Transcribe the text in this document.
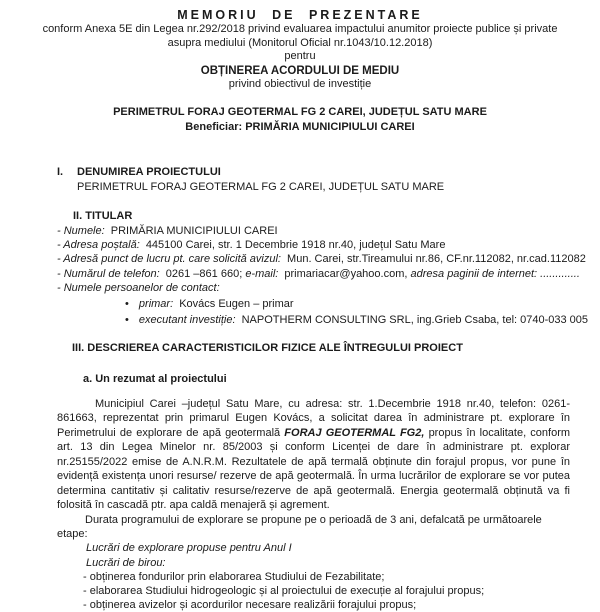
MEMORIU DE PREZENTARE
conform Anexa 5E din Legea nr.292/2018 privind evaluarea impactului anumitor proiecte publice și private
asupra mediului (Monitorul Oficial nr.1043/10.12.2018)
pentru
OBȚINEREA ACORDULUI DE MEDIU
privind obiectivul de investiție
PERIMETRUL FORAJ GEOTERMAL FG 2 CAREI, JUDEȚUL SATU MARE
Beneficiar: PRIMĂRIA MUNICIPIULUI CAREI
I.	DENUMIREA PROIECTULUI
PERIMETRUL FORAJ GEOTERMAL FG 2 CAREI, JUDEȚUL SATU MARE
II. TITULAR
- Numele: PRIMĂRIA MUNICIPIULUI CAREI
- Adresa poștală: 445100 Carei, str. 1 Decembrie 1918 nr.40, județul Satu Mare
- Adresă punct de lucru pt. care solicită avizul: Mun. Carei, str.Tireamului nr.86, CF.nr.112082, nr.cad.112082
- Numărul de telefon: 0261 –861 660; e-mail: primariacar@yahoo.com, adresa paginii de internet: .............
- Numele persoanelor de contact:
• primar: Kovács Eugen – primar
• executant investiție: NAPOTHERM CONSULTING SRL, ing.Grieb Csaba, tel: 0740-033 005
III. DESCRIEREA CARACTERISTICILOR FIZICE ALE ÎNTREGULUI PROIECT
a. Un rezumat al proiectului
Municipiul Carei –județul Satu Mare, cu adresa: str. 1.Decembrie 1918 nr.40, telefon: 0261-861663, reprezentat prin primarul Eugen Kovács, a solicitat darea în administrare pt. explorare în Perimetrului de explorare de apă geotermală FORAJ GEOTERMAL FG2, propus în localitate, conform art. 13 din Legea Minelor nr. 85/2003 și conform Licenței de dare în administrare pt. explorar nr.25155/2022 emise de A.N.R.M. Rezultatele de apă termală obținute din forajul propus, vor pune în evidență existența unori resurse/ rezerve de apă geotermală. În urma lucrărilor de explorare se vor putea determina cantitativ și calitativ resurse/rezerve de apă geotermală. Energia geotermală obținută va fi folosită în cascadă ptr. apa caldă menajeră și agrement.
Durata programului de explorare se propune pe o perioadă de 3 ani, defalcată pe următoarele etape:
Lucrări de explorare propuse pentru Anul I
Lucrări de birou:
- obținerea fondurilor prin elaborarea Studiului de Fezabilitate;
- elaborarea Studiului hidrogeologic și al proiectului de execuție al forajului propus;
- obținerea avizelor și acordurilor necesare realizării forajului propus;
